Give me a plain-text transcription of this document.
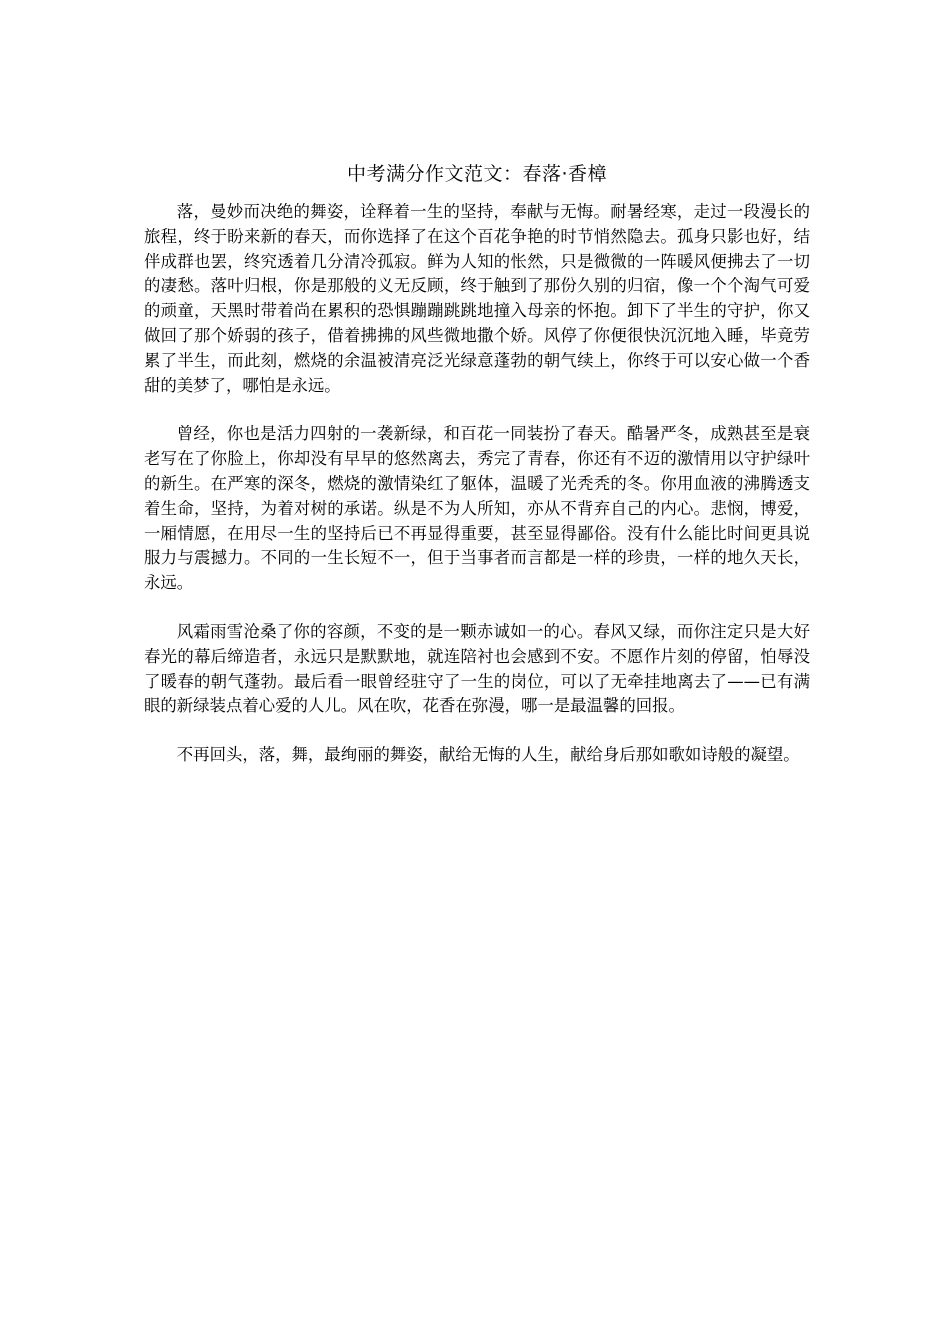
中考满分作文范文：春落·香樟

落，曼妙而决绝的舞姿，诠释着一生的坚持，奉献与无悔。耐暑经寒，走过一段漫长的旅程，终于盼来新的春天，而你选择了在这个百花争艳的时节悄然隐去。孤身只影也好，结伴成群也罢，终究透着几分清冷孤寂。鲜为人知的怅然，只是微微的一阵暖风便拂去了一切的凄愁。落叶归根，你是那般的义无反顾，终于触到了那份久别的归宿，像一个个淘气可爱的顽童，天黑时带着尚在累积的恐惧蹦蹦跳跳地撞入母亲的怀抱。卸下了半生的守护，你又做回了那个娇弱的孩子，借着拂拂的风些微地撒个娇。风停了你便很快沉沉地入睡，毕竟劳累了半生，而此刻，燃烧的余温被清亮泛光绿意蓬勃的朝气续上，你终于可以安心做一个香甜的美梦了，哪怕是永远。

曾经，你也是活力四射的一袭新绿，和百花一同装扮了春天。酷暑严冬，成熟甚至是衰老写在了你脸上，你却没有早早的悠然离去，秀完了青春，你还有不迈的激情用以守护绿叶的新生。在严寒的深冬，燃烧的激情染红了躯体，温暖了光秃秃的冬。你用血液的沸腾透支着生命，坚持，为着对树的承诺。纵是不为人所知，亦从不背弃自己的内心。悲悯，博爱，一厢情愿，在用尽一生的坚持后已不再显得重要，甚至显得鄙俗。没有什么能比时间更具说服力与震撼力。不同的一生长短不一，但于当事者而言都是一样的珍贵，一样的地久天长，永远。

风霜雨雪沧桑了你的容颜，不变的是一颗赤诚如一的心。春风又绿，而你注定只是大好春光的幕后缔造者，永远只是默默地，就连陪衬也会感到不安。不愿作片刻的停留，怕辱没了暖春的朝气蓬勃。最后看一眼曾经驻守了一生的岗位，可以了无牵挂地离去了——已有满眼的新绿装点着心爱的人儿。风在吹，花香在弥漫，哪一是最温馨的回报。

不再回头，落，舞，最绚丽的舞姿，献给无悔的人生，献给身后那如歌如诗般的凝望。
